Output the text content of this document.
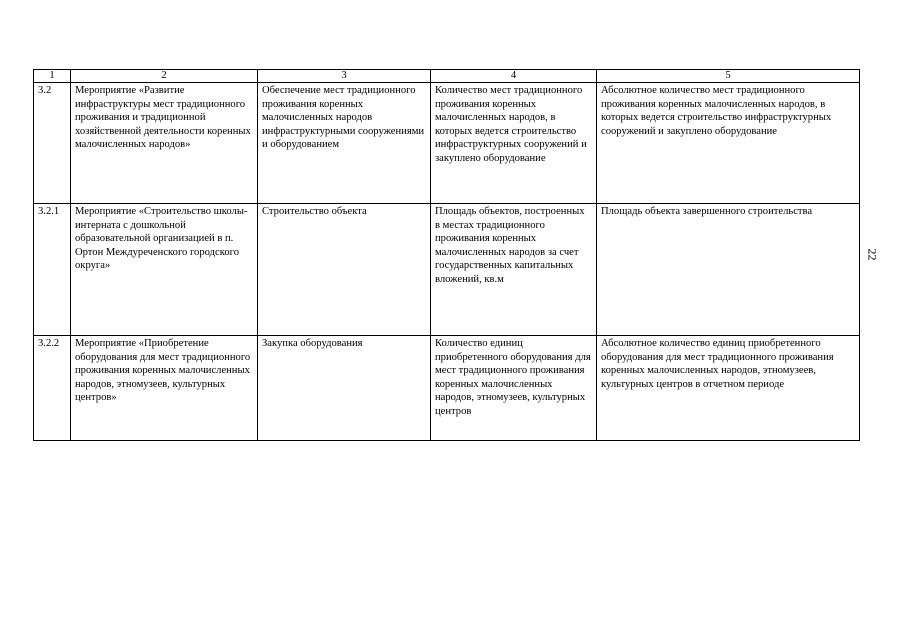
1	2	3	4	5
3.2	Мероприятие «Развитие инфраструктуры мест традиционного проживания и традиционной хозяйственной деятельности коренных малочисленных народов»	Обеспечение мест традиционного проживания коренных малочисленных народов инфраструктурными сооружениями и оборудованием	Количество мест традиционного проживания коренных малочисленных народов, в которых ведется строительство инфраструктурных сооружений и закуплено оборудование	Абсолютное количество мест традиционного проживания коренных малочисленных народов, в которых ведется строительство инфраструктурных сооружений и закуплено оборудование
3.2.1	Мероприятие «Строительство школы-интерната с дошкольной образовательной организацией в п. Ортон Междуреченского городского округа»	Строительство объекта	Площадь объектов, построенных в местах традиционного проживания коренных малочисленных народов за счет государственных капитальных вложений, кв.м	Площадь объекта завершенного строительства
3.2.2	Мероприятие «Приобретение оборудования для мест традиционного проживания коренных малочисленных народов, этномузеев, культурных центров»	Закупка оборудования	Количество единиц приобретенного оборудования для мест традиционного проживания коренных малочисленных народов, этномузеев, культурных центров	Абсолютное количество единиц приобретенного оборудования для мест традиционного проживания коренных малочисленных народов, этномузеев, культурных центров в отчетном периоде
22
